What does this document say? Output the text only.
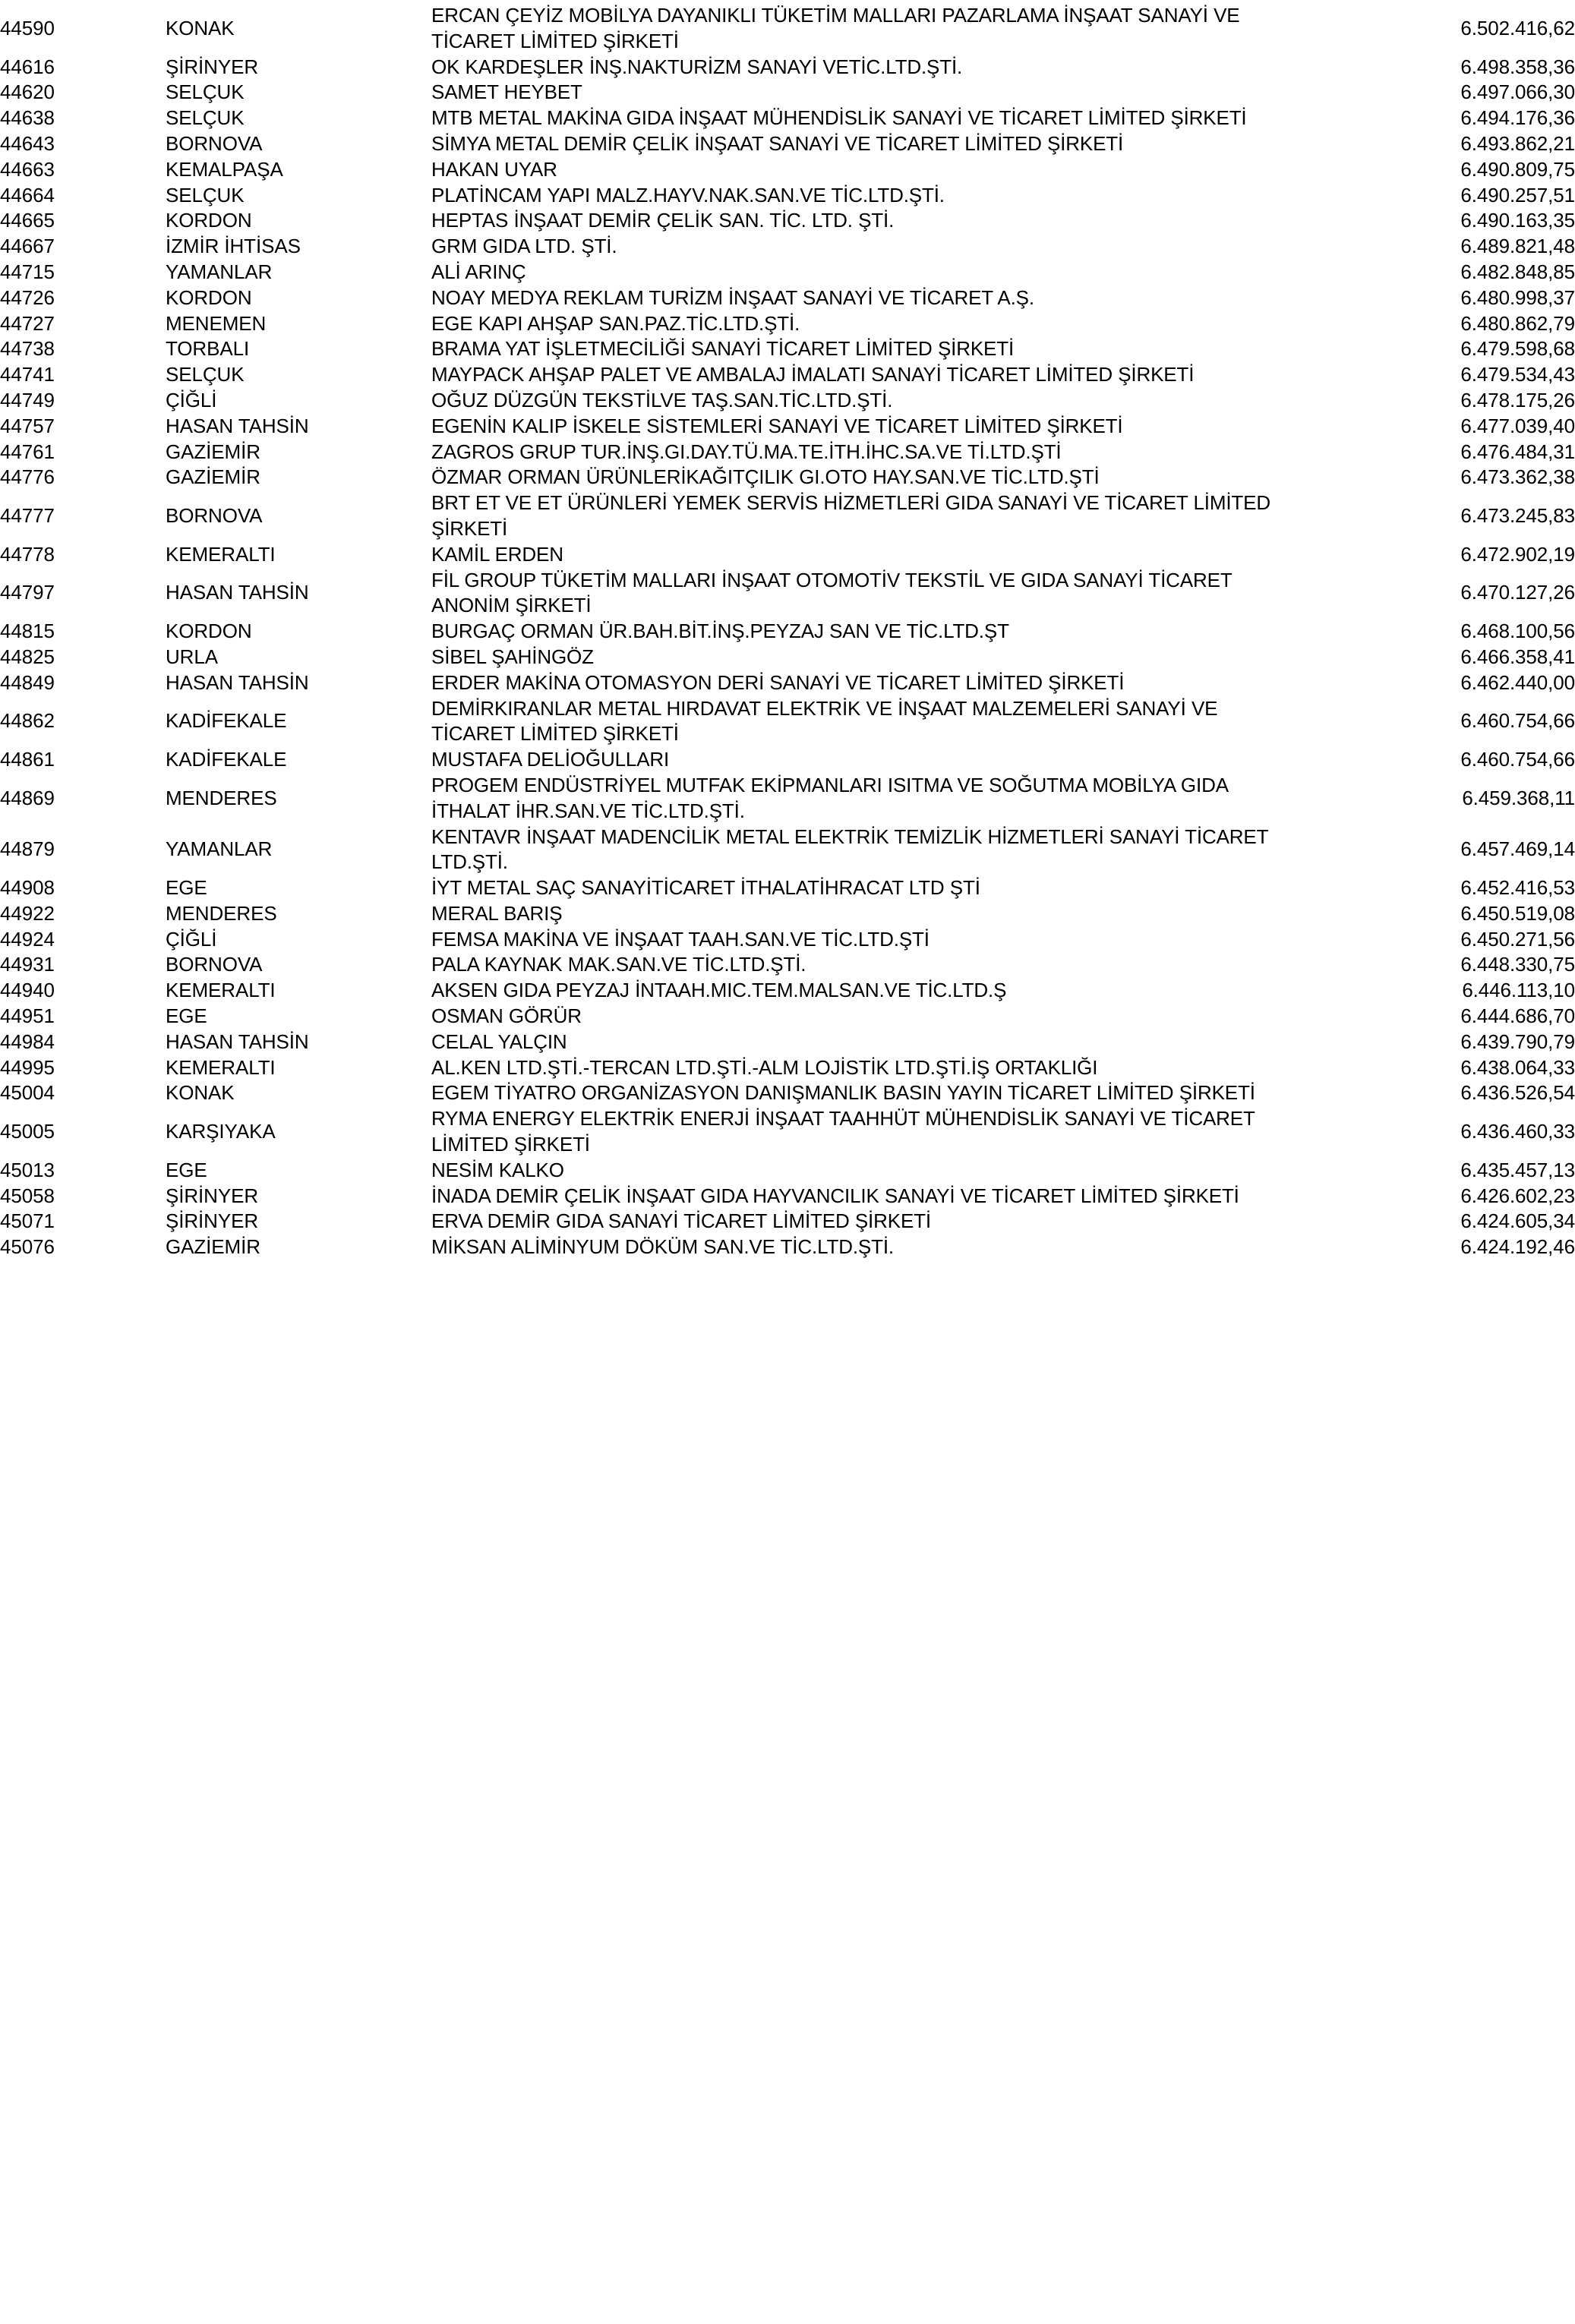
44590		KONAK		ERCAN ÇEYİZ MOBİLYA DAYANIKLI TÜKETİM MALLARI PAZARLAMA İNŞAAT SANAYİ VE TİCARET LİMİTED ŞİRKETİ	6.502.416,62
44616		ŞİRİNYER		OK KARDEŞLER İNŞ.NAKTURİZM SANAYİ VETİC.LTD.ŞTİ.	6.498.358,36
44620		SELÇUK		SAMET HEYBET	6.497.066,30
44638		SELÇUK		MTB METAL MAKİNA GIDA İNŞAAT MÜHENDİSLİK SANAYİ VE TİCARET LİMİTED ŞİRKETİ	6.494.176,36
44643		BORNOVA		SİMYA METAL DEMİR ÇELİK İNŞAAT SANAYİ VE TİCARET LİMİTED ŞİRKETİ	6.493.862,21
44663		KEMALPAŞA		HAKAN UYAR	6.490.809,75
44664		SELÇUK		PLATİNCAM YAPI MALZ.HAYV.NAK.SAN.VE TİC.LTD.ŞTİ.	6.490.257,51
44665		KORDON		HEPTAS İNŞAAT DEMİR ÇELİK SAN. TİC. LTD. ŞTİ.	6.490.163,35
44667		İZMİR İHTİSAS		GRM GIDA LTD. ŞTİ.	6.489.821,48
44715		YAMANLAR		ALİ ARINÇ	6.482.848,85
44726		KORDON		NOAY MEDYA REKLAM TURİZM İNŞAAT SANAYİ VE TİCARET A.Ş.	6.480.998,37
44727		MENEMEN		EGE KAPI AHŞAP SAN.PAZ.TİC.LTD.ŞTİ.	6.480.862,79
44738		TORBALI		BRAMA YAT İŞLETMECİLİĞİ SANAYİ TİCARET LİMİTED ŞİRKETİ	6.479.598,68
44741		SELÇUK		MAYPACK AHŞAP PALET VE AMBALAJ İMALATI SANAYİ TİCARET LİMİTED ŞİRKETİ	6.479.534,43
44749		ÇİĞLİ		OĞUZ DÜZGÜN TEKSTİLVE TAŞ.SAN.TİC.LTD.ŞTİ.	6.478.175,26
44757		HASAN TAHSİN		EGENİN KALIP İSKELE SİSTEMLERİ SANAYİ VE TİCARET LİMİTED ŞİRKETİ	6.477.039,40
44761		GAZİEMİR		ZAGROS GRUP TUR.İNŞ.GI.DAY.TÜ.MA.TE.İTH.İHC.SA.VE Tİ.LTD.ŞTİ	6.476.484,31
44776		GAZİEMİR		ÖZMAR ORMAN ÜRÜNLERİKAĞITÇILIK GI.OTO HAY.SAN.VE TİC.LTD.ŞTİ	6.473.362,38
44777		BORNOVA		BRT ET VE ET ÜRÜNLERİ YEMEK SERVİS HİZMETLERİ GIDA SANAYİ VE TİCARET LİMİTED ŞİRKETİ	6.473.245,83
44778		KEMERALTI		KAMİL ERDEN	6.472.902,19
44797		HASAN TAHSİN		FİL GROUP TÜKETİM MALLARI İNŞAAT OTOMOTİV TEKSTİL VE GIDA SANAYİ TİCARET ANONİM ŞİRKETİ	6.470.127,26
44815		KORDON		BURGAÇ ORMAN ÜR.BAH.BİT.İNŞ.PEYZAJ SAN VE TİC.LTD.ŞT	6.468.100,56
44825		URLA		SİBEL ŞAHİNGÖZ	6.466.358,41
44849		HASAN TAHSİN		ERDER MAKİNA OTOMASYON DERİ SANAYİ VE TİCARET LİMİTED ŞİRKETİ	6.462.440,00
44862		KADİFEKALE		DEMİRKIRANLAR METAL HIRDAVAT ELEKTRİK VE İNŞAAT MALZEMELERİ SANAYİ VE TİCARET LİMİTED ŞİRKETİ	6.460.754,66
44861		KADİFEKALE		MUSTAFA DELİOĞULLARI	6.460.754,66
44869		MENDERES		PROGEM ENDÜSTRİYEL MUTFAK EKİPMANLARI ISITMA VE SOĞUTMA MOBİLYA GIDA İTHALAT İHR.SAN.VE TİC.LTD.ŞTİ.	6.459.368,11
44879		YAMANLAR		KENTAVR İNŞAAT MADENCİLİK METAL ELEKTRİK TEMİZLİK HİZMETLERİ SANAYİ TİCARET LTD.ŞTİ.	6.457.469,14
44908		EGE		İYT METAL SAÇ SANAYİTİCARET İTHALATİHRACAT LTD ŞTİ	6.452.416,53
44922		MENDERES		MERAL BARIŞ	6.450.519,08
44924		ÇİĞLİ		FEMSA MAKİNA VE İNŞAAT TAAH.SAN.VE TİC.LTD.ŞTİ	6.450.271,56
44931		BORNOVA		PALA KAYNAK MAK.SAN.VE TİC.LTD.ŞTİ.	6.448.330,75
44940		KEMERALTI		AKSEN GIDA PEYZAJ İNTAAH.MIC.TEM.MALSAN.VE TİC.LTD.Ş	6.446.113,10
44951		EGE		OSMAN GÖRÜR	6.444.686,70
44984		HASAN TAHSİN		CELAL YALÇIN	6.439.790,79
44995		KEMERALTI		AL.KEN LTD.ŞTİ.-TERCAN LTD.ŞTİ.-ALM LOJİSTİK LTD.ŞTİ.İŞ ORTAKLIĞI	6.438.064,33
45004		KONAK		EGEM TİYATRO ORGANİZASYON DANIŞMANLIK BASIN YAYIN TİCARET LİMİTED ŞİRKETİ	6.436.526,54
45005		KARŞIYAKA		RYMA ENERGY ELEKTRİK ENERJİ İNŞAAT TAAHHÜT MÜHENDİSLİK SANAYİ VE TİCARET LİMİTED ŞİRKETİ	6.436.460,33
45013		EGE		NESİM KALKO	6.435.457,13
45058		ŞİRİNYER		İNADA DEMİR ÇELİK İNŞAAT GIDA HAYVANCILIK SANAYİ VE TİCARET LİMİTED ŞİRKETİ	6.426.602,23
45071		ŞİRİNYER		ERVA DEMİR GIDA SANAYİ TİCARET LİMİTED ŞİRKETİ	6.424.605,34
45076		GAZİEMİR		MİKSAN ALİMİNYUM DÖKÜM SAN.VE TİC.LTD.ŞTİ.	6.424.192,46
